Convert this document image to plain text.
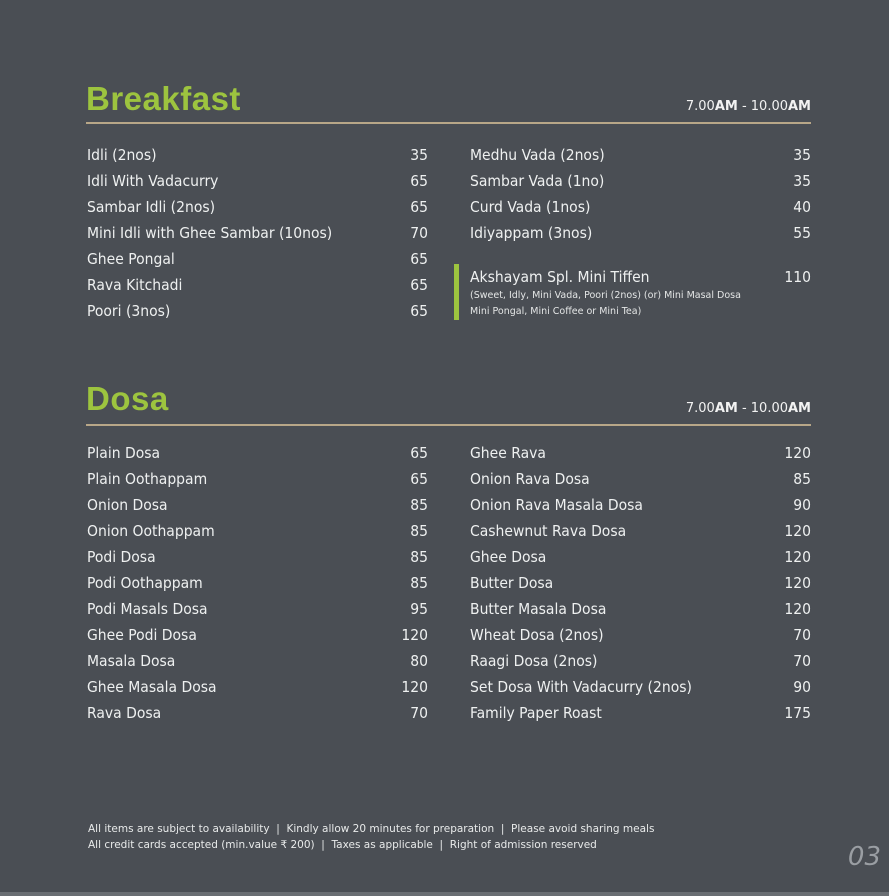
Breakfast	7.00AM - 10.00AM
Idli (2nos)	35
Idli With Vadacurry	65
Sambar Idli (2nos)	65
Mini Idli with Ghee Sambar (10nos)	70
Ghee Pongal	65
Rava Kitchadi	65
Poori (3nos)	65
Medhu Vada (2nos)	35
Sambar Vada (1no)	35
Curd Vada (1nos)	40
Idiyappam (3nos)	55
Akshayam Spl. Mini Tiffen	110
(Sweet, Idly, Mini Vada, Poori (2nos) (or) Mini Masal Dosa
Mini Pongal, Mini Coffee or Mini Tea)
Dosa	7.00AM - 10.00AM
Plain Dosa	65
Plain Oothappam	65
Onion Dosa	85
Onion Oothappam	85
Podi Dosa	85
Podi Oothappam	85
Podi Masals Dosa	95
Ghee Podi Dosa	120
Masala Dosa	80
Ghee Masala Dosa	120
Rava Dosa	70
Ghee Rava	120
Onion Rava Dosa	85
Onion Rava Masala Dosa	90
Cashewnut Rava Dosa	120
Ghee Dosa	120
Butter Dosa	120
Butter Masala Dosa	120
Wheat Dosa (2nos)	70
Raagi Dosa (2nos)	70
Set Dosa With Vadacurry (2nos)	90
Family Paper Roast	175
All items are subject to availability  |  Kindly allow 20 minutes for preparation  |  Please avoid sharing meals
All credit cards accepted (min.value ₹ 200)  |  Taxes as applicable  |  Right of admission reserved	03
